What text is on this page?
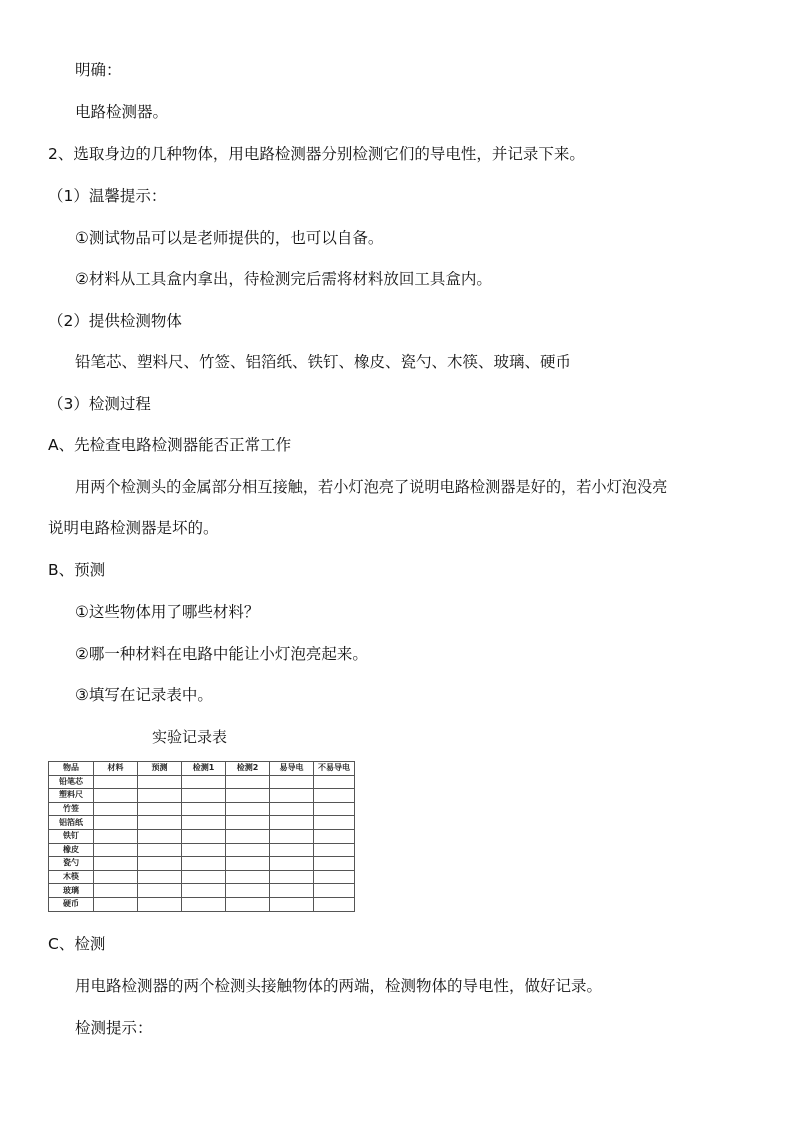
明确：
电路检测器。
2、选取身边的几种物体，用电路检测器分别检测它们的导电性，并记录下来。
（1）温馨提示：
①测试物品可以是老师提供的，也可以自备。
②材料从工具盒内拿出，待检测完后需将材料放回工具盒内。
（2）提供检测物体
铅笔芯、塑料尺、竹签、铝箔纸、铁钉、橡皮、瓷勺、木筷、玻璃、硬币
（3）检测过程
A、先检查电路检测器能否正常工作
用两个检测头的金属部分相互接触，若小灯泡亮了说明电路检测器是好的，若小灯泡没亮
说明电路检测器是坏的。
B、预测
①这些物体用了哪些材料？
②哪一种材料在电路中能让小灯泡亮起来。
③填写在记录表中。
实验记录表
物品	材料	预测	检测1	检测2	易导电	不易导电
铅笔芯						
塑料尺						
竹签						
铝箔纸						
铁钉						
橡皮						
瓷勺						
木筷						
玻璃						
硬币						
C、检测
用电路检测器的两个检测头接触物体的两端，检测物体的导电性，做好记录。
检测提示：
